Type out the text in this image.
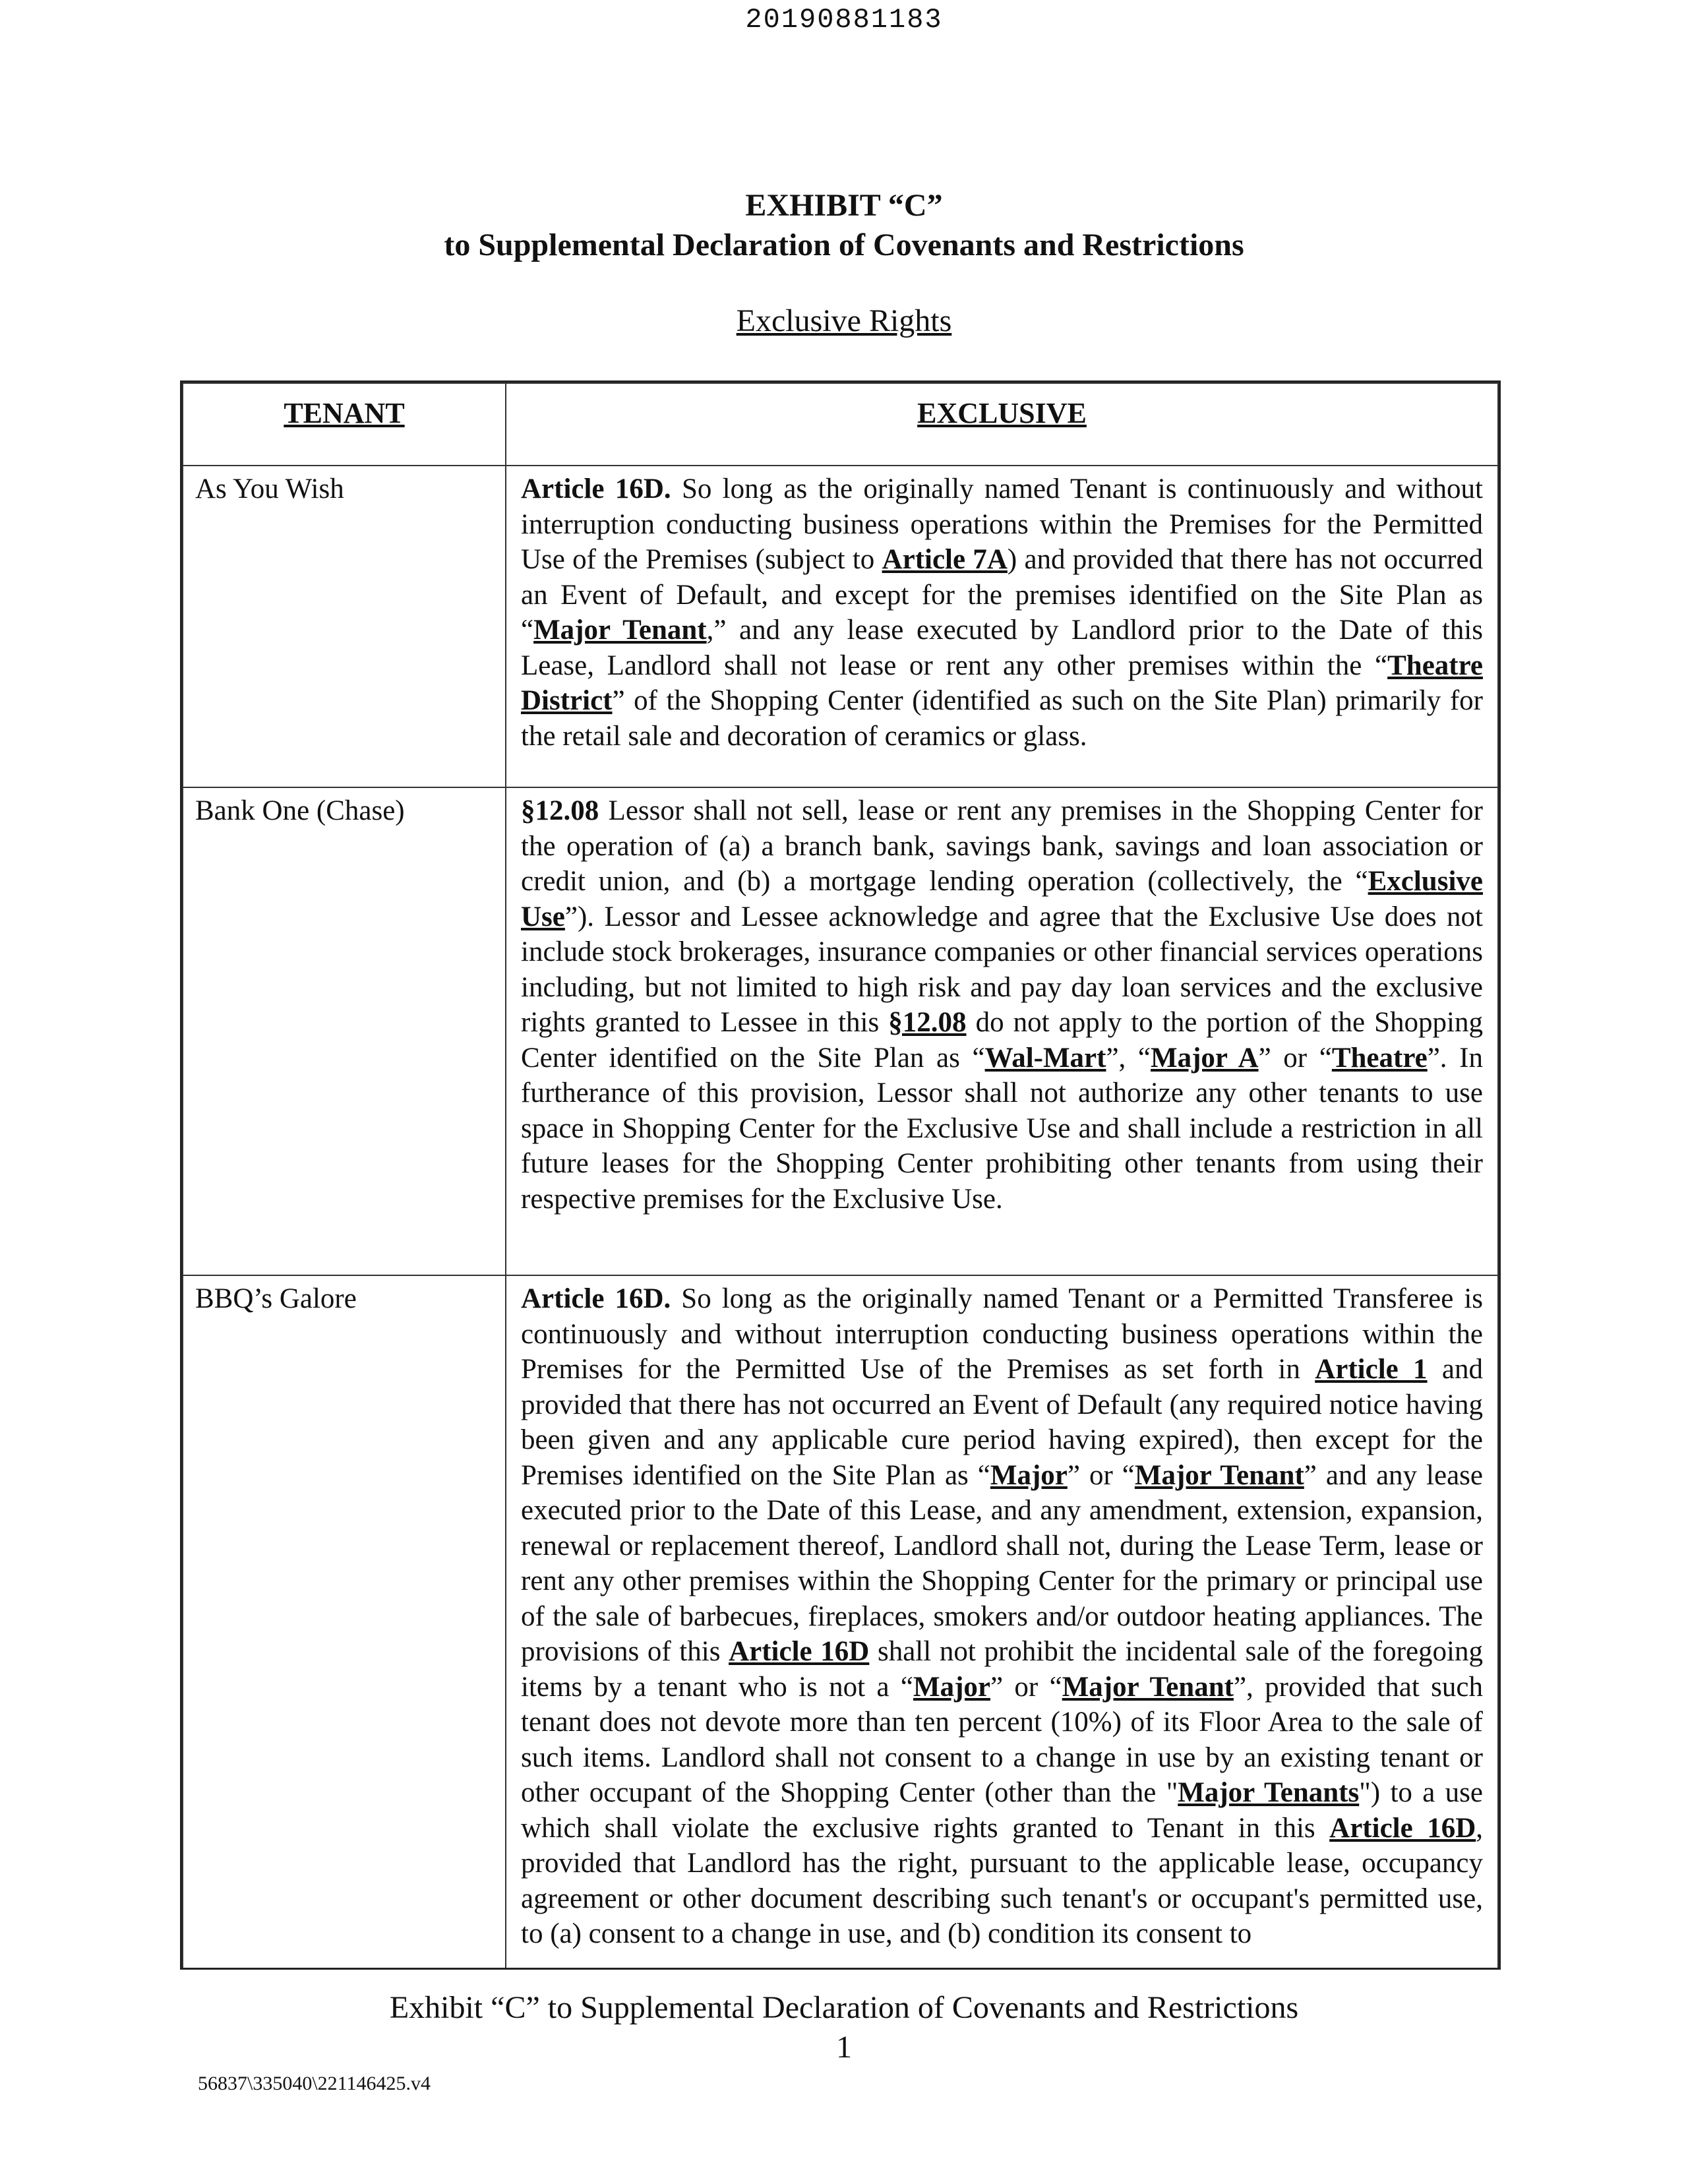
20190881183
EXHIBIT “C”
to Supplemental Declaration of Covenants and Restrictions
Exclusive Rights
TENANT	EXCLUSIVE
As You Wish	Article 16D. So long as the originally named Tenant is continuously and without interruption conducting business operations within the Premises for the Permitted Use of the Premises (subject to Article 7A) and provided that there has not occurred an Event of Default, and except for the premises identified on the Site Plan as “Major Tenant,” and any lease executed by Landlord prior to the Date of this Lease, Landlord shall not lease or rent any other premises within the “Theatre District” of the Shopping Center (identified as such on the Site Plan) primarily for the retail sale and decoration of ceramics or glass.
Bank One (Chase)	§12.08 Lessor shall not sell, lease or rent any premises in the Shopping Center for the operation of (a) a branch bank, savings bank, savings and loan association or credit union, and (b) a mortgage lending operation (collectively, the “Exclusive Use”). Lessor and Lessee acknowledge and agree that the Exclusive Use does not include stock brokerages, insurance companies or other financial services operations including, but not limited to high risk and pay day loan services and the exclusive rights granted to Lessee in this §12.08 do not apply to the portion of the Shopping Center identified on the Site Plan as “Wal-Mart”, “Major A” or “Theatre”. In furtherance of this provision, Lessor shall not authorize any other tenants to use space in Shopping Center for the Exclusive Use and shall include a restriction in all future leases for the Shopping Center prohibiting other tenants from using their respective premises for the Exclusive Use.
BBQ’s Galore	Article 16D. So long as the originally named Tenant or a Permitted Transferee is continuously and without interruption conducting business operations within the Premises for the Permitted Use of the Premises as set forth in Article 1 and provided that there has not occurred an Event of Default (any required notice having been given and any applicable cure period having expired), then except for the Premises identified on the Site Plan as “Major” or “Major Tenant” and any lease executed prior to the Date of this Lease, and any amendment, extension, expansion, renewal or replacement thereof, Landlord shall not, during the Lease Term, lease or rent any other premises within the Shopping Center for the primary or principal use of the sale of barbecues, fireplaces, smokers and/or outdoor heating appliances. The provisions of this Article 16D shall not prohibit the incidental sale of the foregoing items by a tenant who is not a “Major” or “Major Tenant”, provided that such tenant does not devote more than ten percent (10%) of its Floor Area to the sale of such items. Landlord shall not consent to a change in use by an existing tenant or other occupant of the Shopping Center (other than the "Major Tenants") to a use which shall violate the exclusive rights granted to Tenant in this Article 16D, provided that Landlord has the right, pursuant to the applicable lease, occupancy agreement or other document describing such tenant's or occupant's permitted use, to (a) consent to a change in use, and (b) condition its consent to
Exhibit “C” to Supplemental Declaration of Covenants and Restrictions
1
56837\335040\221146425.v4
